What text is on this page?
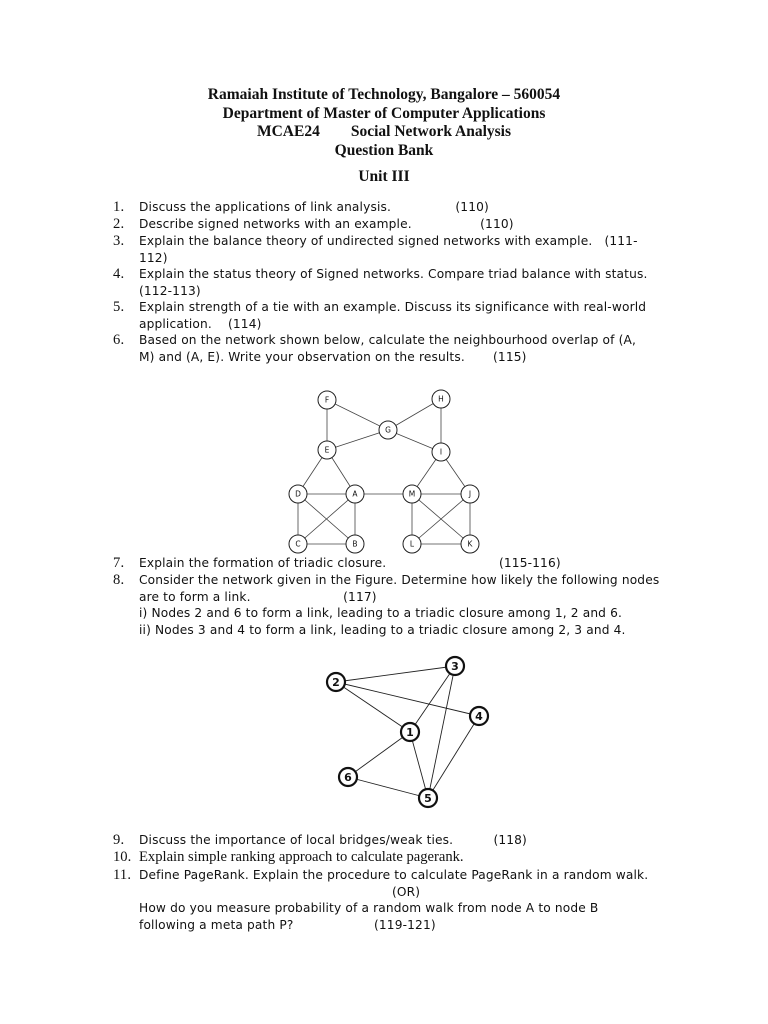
Ramaiah Institute of Technology, Bangalore – 560054
Department of Master of Computer Applications
MCAE24 Social Network Analysis
Question Bank
Unit III
1.	Discuss the applications of link analysis.                (110)
2.	Describe signed networks with an example.                 (110)
3.	Explain the balance theory of undirected signed networks with example.   (111-
112)
4.	Explain the status theory of Signed networks. Compare triad balance with status.
(112-113)
5.	Explain strength of a tie with an example. Discuss its significance with real-world
application.    (114)
6.	Based on the network shown below, calculate the neighbourhood overlap of (A,
M) and (A, E). Write your observation on the results.       (115)
F	H
G
E	I
D	A	M	J
C	B	L	K
7.	Explain the formation of triadic closure.                            (115-116)
8.	Consider the network given in the Figure. Determine how likely the following nodes
are to form a link.                       (117)
i) Nodes 2 and 6 to form a link, leading to a triadic closure among 1, 2 and 6.
ii) Nodes 3 and 4 to form a link, leading to a triadic closure among 2, 3 and 4.
3
2
4
1
6
5
9.	Discuss the importance of local bridges/weak ties.          (118)
10. Explain simple ranking approach to calculate pagerank.
11. Define PageRank. Explain the procedure to calculate PageRank in a random walk.
(OR)
How do you measure probability of a random walk from node A to node B
following a meta path P?                    (119-121)
